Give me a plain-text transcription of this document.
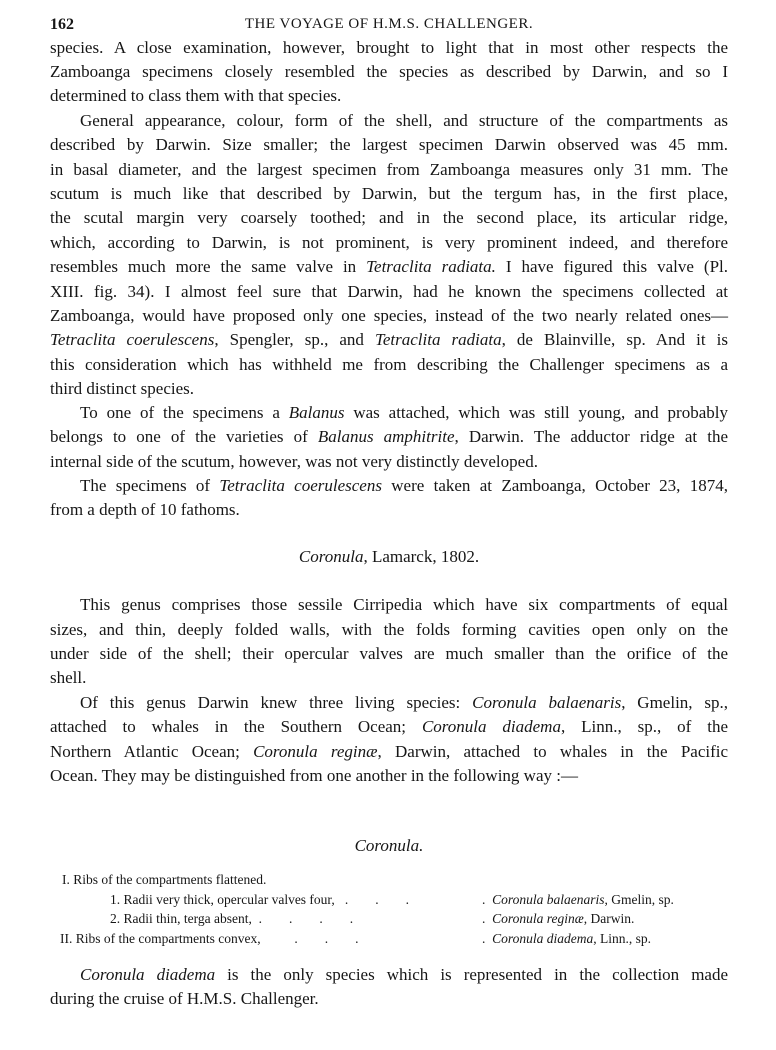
162	THE VOYAGE OF H.M.S. CHALLENGER.
species. A close examination, however, brought to light that in most other respects the
Zamboanga specimens closely resembled the species as described by Darwin, and so I
determined to class them with that species.
General appearance, colour, form of the shell, and structure of the compartments as
described by Darwin. Size smaller; the largest specimen Darwin observed was 45 mm.
in basal diameter, and the largest specimen from Zamboanga measures only 31 mm. The
scutum is much like that described by Darwin, but the tergum has, in the first place,
the scutal margin very coarsely toothed; and in the second place, its articular ridge,
which, according to Darwin, is not prominent, is very prominent indeed, and therefore
resembles much more the same valve in Tetraclita radiata. I have figured this valve (Pl.
XIII. fig. 34). I almost feel sure that Darwin, had he known the specimens collected at
Zamboanga, would have proposed only one species, instead of the two nearly related ones—
Tetraclita coerulescens, Spengler, sp., and Tetraclita radiata, de Blainville, sp. And it is
this consideration which has withheld me from describing the Challenger specimens as a
third distinct species.
To one of the specimens a Balanus was attached, which was still young, and probably
belongs to one of the varieties of Balanus amphitrite, Darwin. The adductor ridge at the
internal side of the scutum, however, was not very distinctly developed.
The specimens of Tetraclita coerulescens were taken at Zamboanga, October 23, 1874,
from a depth of 10 fathoms.
Coronula, Lamarck, 1802.
This genus comprises those sessile Cirripedia which have six compartments of equal
sizes, and thin, deeply folded walls, with the folds forming cavities open only on the
under side of the shell; their opercular valves are much smaller than the orifice of the
shell.
Of this genus Darwin knew three living species: Coronula balaenaris, Gmelin, sp.,
attached to whales in the Southern Ocean; Coronula diadema, Linn., sp., of the
Northern Atlantic Ocean; Coronula reginæ, Darwin, attached to whales in the Pacific
Ocean. They may be distinguished from one another in the following way :—
Coronula.
Coronula diadema is the only species which is represented in the collection made
during the cruise of H.M.S. Challenger.
I. Ribs of the compartments flattened.
1. Radii very thick, opercular valves four,   .        .        .	.  Coronula balaenaris, Gmelin, sp.
2. Radii thin, terga absent,  .        .        .        .	.  Coronula reginæ, Darwin.
II. Ribs of the compartments convex,          .        .        .	.  Coronula diadema, Linn., sp.
